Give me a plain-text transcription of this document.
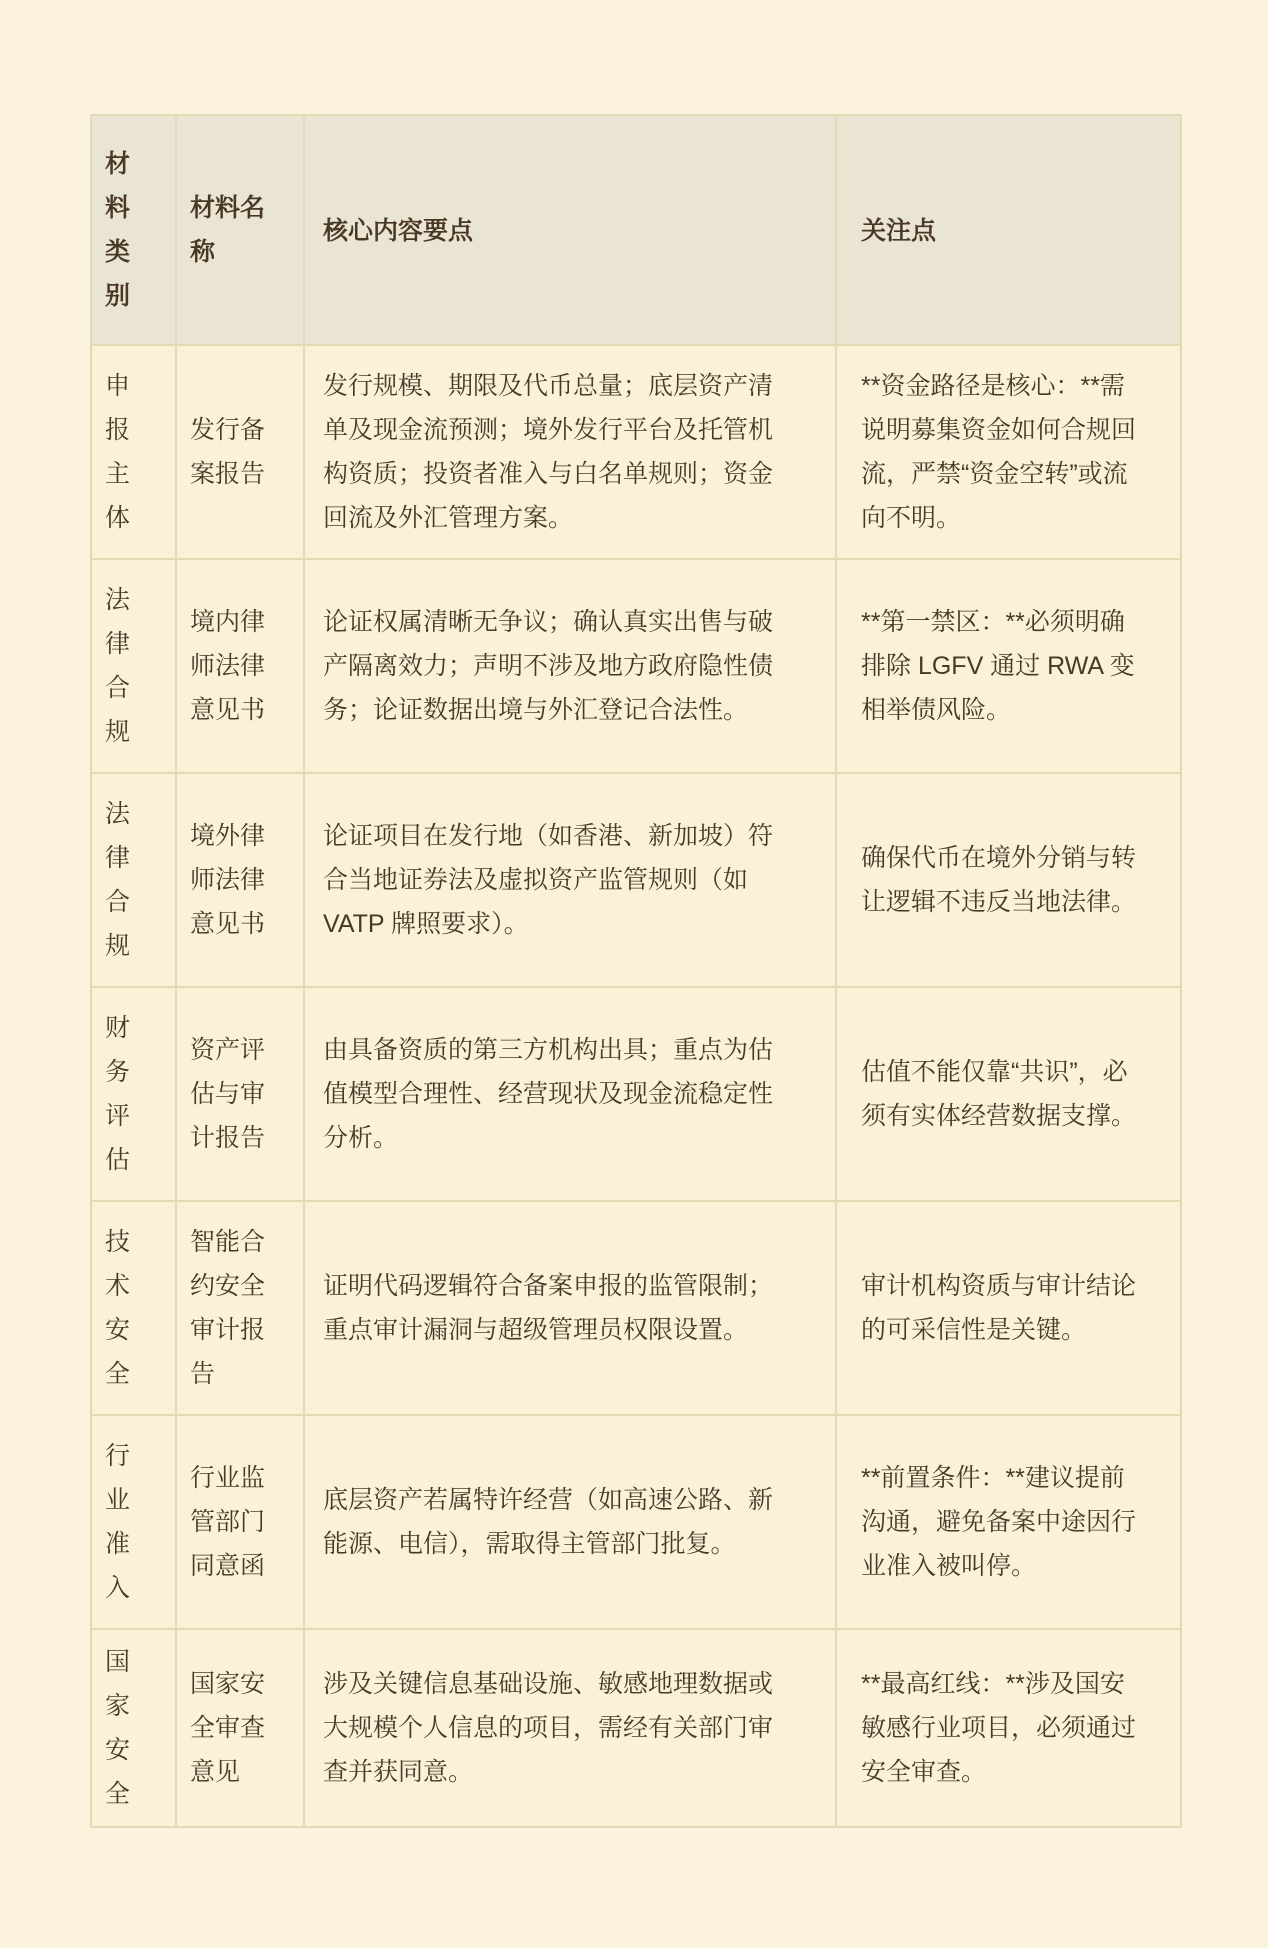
材料类别	材料名称	核心内容要点	关注点
申报主体	发行备案报告	发行规模、期限及代币总量；底层资产清单及现金流预测；境外发行平台及托管机构资质；投资者准入与白名单规则；资金回流及外汇管理方案。	**资金路径是核心：**需说明募集资金如何合规回流，严禁“资金空转”或流向不明。
法律合规	境内律师法律意见书	论证权属清晰无争议；确认真实出售与破产隔离效力；声明不涉及地方政府隐性债务；论证数据出境与外汇登记合法性。	**第一禁区：**必须明确排除 LGFV 通过 RWA 变相举债风险。
法律合规	境外律师法律意见书	论证项目在发行地（如香港、新加坡）符合当地证券法及虚拟资产监管规则（如 VATP 牌照要求）。	确保代币在境外分销与转让逻辑不违反当地法律。
财务评估	资产评估与审计报告	由具备资质的第三方机构出具；重点为估值模型合理性、经营现状及现金流稳定性分析。	估值不能仅靠“共识”，必须有实体经营数据支撑。
技术安全	智能合约安全审计报告	证明代码逻辑符合备案申报的监管限制；重点审计漏洞与超级管理员权限设置。	审计机构资质与审计结论的可采信性是关键。
行业准入	行业监管部门同意函	底层资产若属特许经营（如高速公路、新能源、电信），需取得主管部门批复。	**前置条件：**建议提前沟通，避免备案中途因行业准入被叫停。
国家安全	国家安全审查意见	涉及关键信息基础设施、敏感地理数据或大规模个人信息的项目，需经有关部门审查并获同意。	**最高红线：**涉及国安敏感行业项目，必须通过安全审查。
